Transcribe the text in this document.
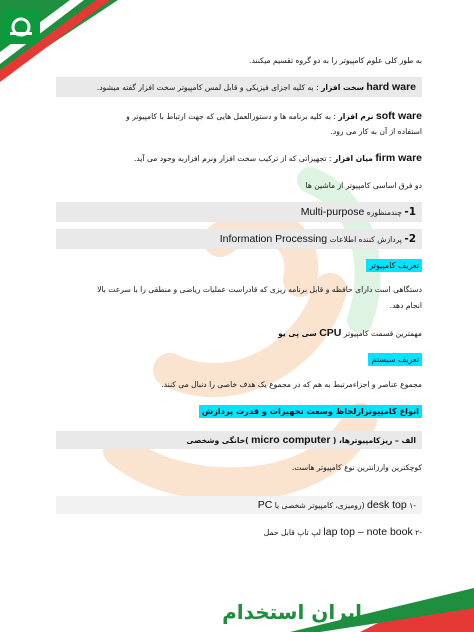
ایران استخدام
به طور کلی علوم کامپیوتر را به دو گروه تقسیم میکنند.
hard ware سخت افزار : به کلیه اجزای فیزیکی و قابل لمس کامپیوتر سخت افزار گفته میشود.
soft ware نرم افزار : به کلیه برنامه ها و دستورالعمل هایی که جهت ارتباط با کامپیوتر و
استفاده از آن به کار می رود.
firm ware میان افزار : تجهیزاتی که از ترکیب سخت افزار ونرم افزاربه وجود می آید.
دو فرق اساسی کامپیوتر از ماشین ها
1- چندمنظوره Multi-purpose
2- پردازش کننده اطلاعات Information Processing
تعریف کامپیوتر
دستگاهی است دارای حافظه و قابل برنامه ریزی که قادراست عملیات ریاضی و منطقی را با سرعت بالا
انجام دهد.
مهمترین قسمت کامپیوتر CPU سی پی یو
تعریف سیستم
مجموع عناصر و اجزاءمرتبط به هم که در مجموع یک هدف خاصی را دنبال می کنند.
انواع کامپیوترازلحاظ وسعت تجهیزات و قدرت پردازش
الف – ریزکامپیوترها، ( micro computer )خانگی وشخصی
کوچکترین وارزانترین نوع کامپیوتر هاست.
-۱ desk top (رومیزی، کامپیوتر شخصی یا PC
-۲ lap top – note book لپ تاپ قابل حمل
